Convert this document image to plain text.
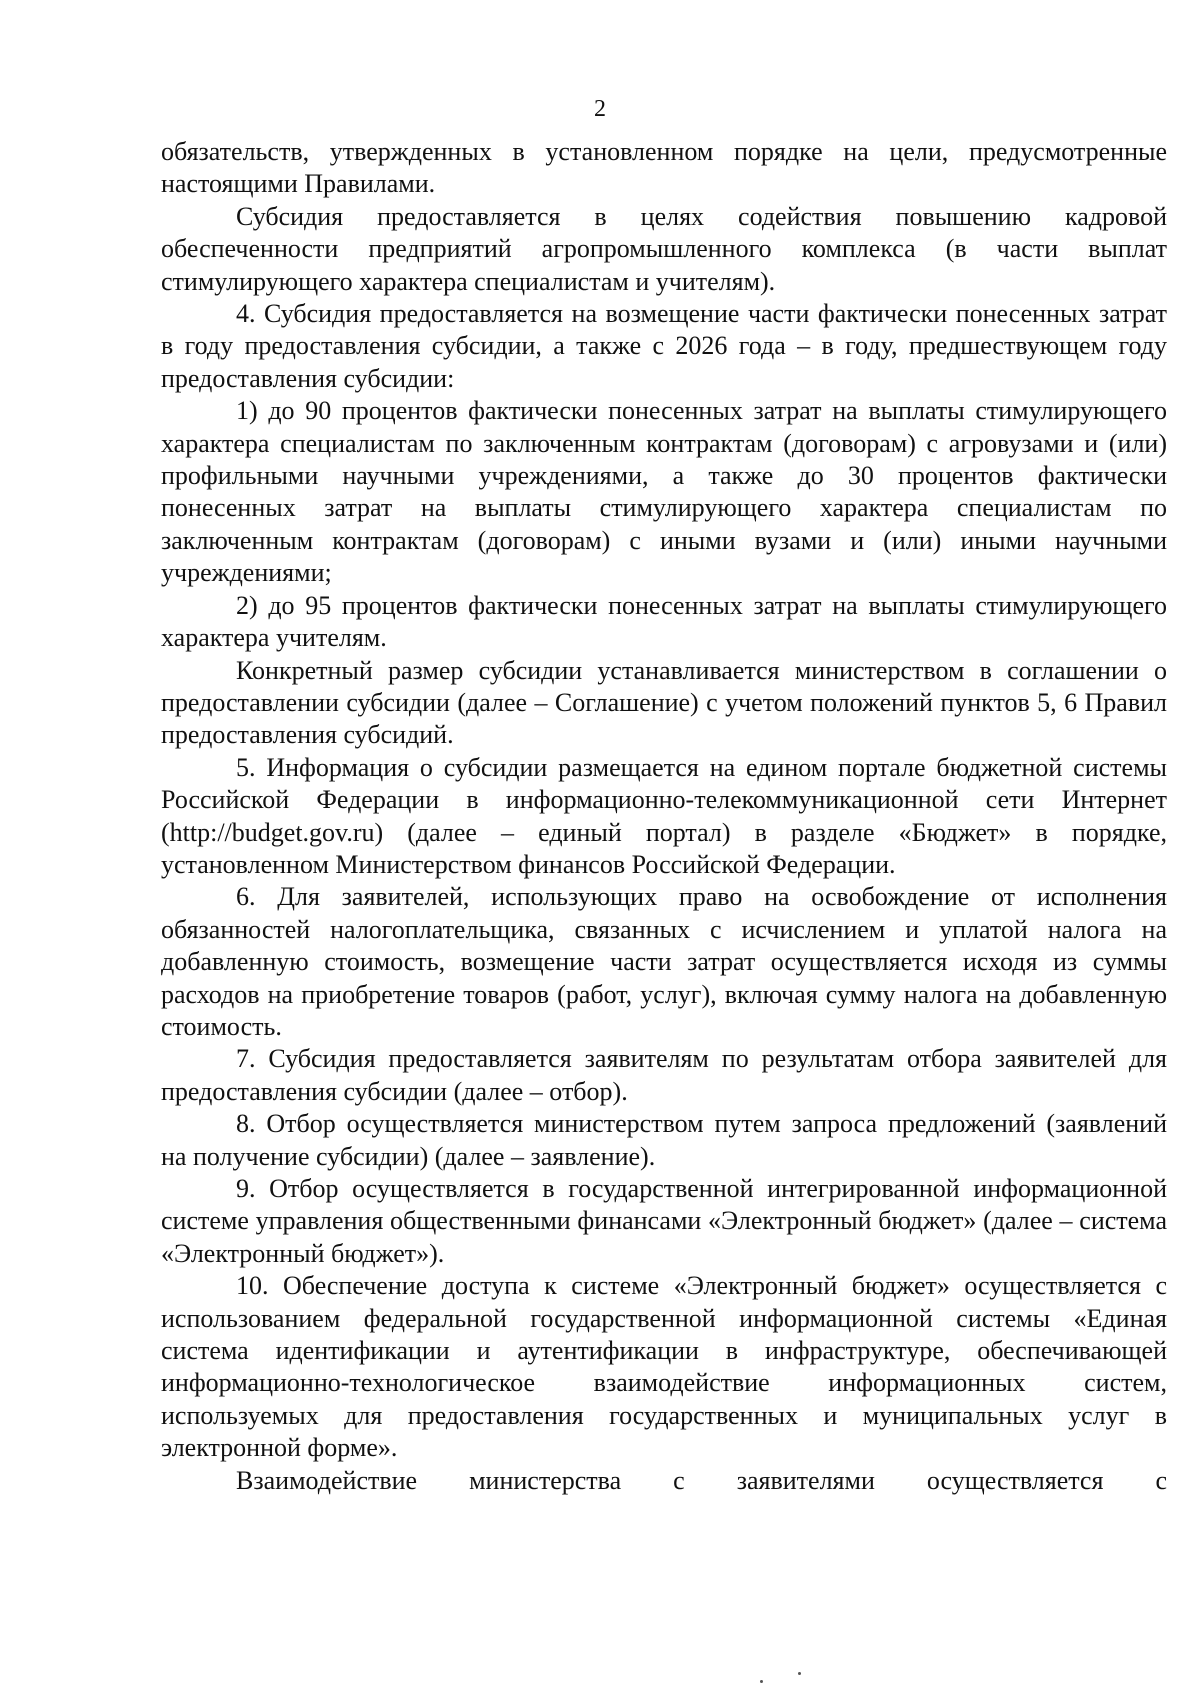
2

обязательств, утвержденных в установленном порядке на цели, предусмотренные настоящими Правилами.

Субсидия предоставляется в целях содействия повышению кадровой обеспеченности предприятий агропромышленного комплекса (в части выплат стимулирующего характера специалистам и учителям).

4. Субсидия предоставляется на возмещение части фактически понесенных затрат в году предоставления субсидии, а также с 2026 года – в году, предшествующем году предоставления субсидии:

1) до 90 процентов фактически понесенных затрат на выплаты стимулирующего характера специалистам по заключенным контрактам (договорам) с агровузами и (или) профильными научными учреждениями, а также до 30 процентов фактически понесенных затрат на выплаты стимулирующего характера специалистам по заключенным контрактам (договорам) с иными вузами и (или) иными научными учреждениями;

2) до 95 процентов фактически понесенных затрат на выплаты стимулирующего характера учителям.

Конкретный размер субсидии устанавливается министерством в соглашении о предоставлении субсидии (далее – Соглашение) с учетом положений пунктов 5, 6 Правил предоставления субсидий.

5. Информация о субсидии размещается на едином портале бюджетной системы Российской Федерации в информационно-телекоммуникационной сети Интернет (http://budget.gov.ru) (далее – единый портал) в разделе «Бюджет» в порядке, установленном Министерством финансов Российской Федерации.

6. Для заявителей, использующих право на освобождение от исполнения обязанностей налогоплательщика, связанных с исчислением и уплатой налога на добавленную стоимость, возмещение части затрат осуществляется исходя из суммы расходов на приобретение товаров (работ, услуг), включая сумму налога на добавленную стоимость.

7. Субсидия предоставляется заявителям по результатам отбора заявителей для предоставления субсидии (далее – отбор).

8. Отбор осуществляется министерством путем запроса предложений (заявлений на получение субсидии) (далее – заявление).

9. Отбор осуществляется в государственной интегрированной информационной системе управления общественными финансами «Электронный бюджет» (далее – система «Электронный бюджет»).

10. Обеспечение доступа к системе «Электронный бюджет» осуществляется с использованием федеральной государственной информационной системы «Единая система идентификации и аутентификации в инфраструктуре, обеспечивающей информационно-технологическое взаимодействие информационных систем, используемых для предоставления государственных и муниципальных услуг в электронной форме».

Взаимодействие министерства с заявителями осуществляется с
